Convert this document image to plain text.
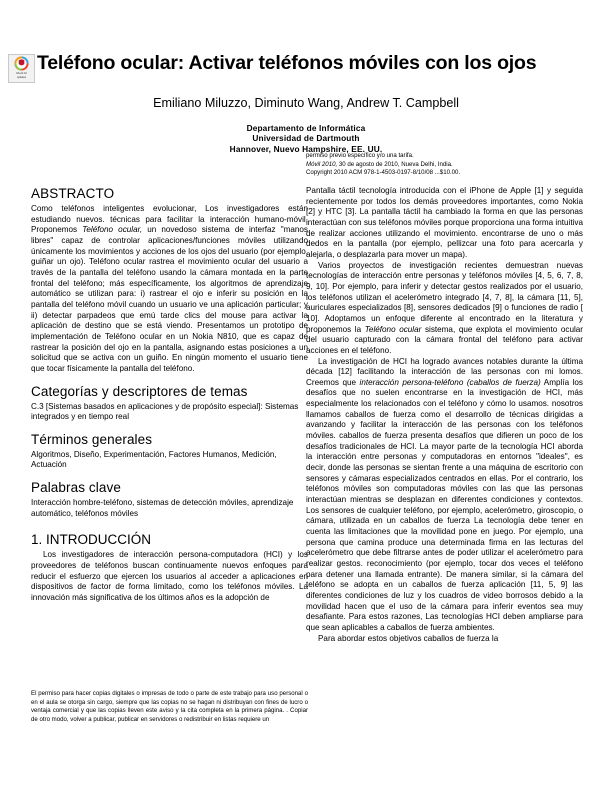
Check for
updates
Teléfono ocular: Activar teléfonos móviles con los ojos
Emiliano Miluzzo, Diminuto Wang, Andrew T. Campbell
Departamento de Informática
Universidad de Dartmouth
Hannover, Nuevo Hampshire, EE. UU.
permiso previo específico y/o una tarifa.
Móvil 2010, 30 de agosto de 2010, Nueva Delhi, India.
Copyright 2010 ACM 978-1-4503-0197-8/10/08 ...$10.00.
ABSTRACTO

Como teléfonos inteligentes evolucionar, Los investigadores están estudiando nuevos. técnicas para facilitar la interacción humano-móvil. Proponemos Teléfono ocular, un novedoso sistema de interfaz "manos libres" capaz de controlar aplicaciones/funciones móviles utilizando únicamente los movimientos y acciones de los ojos del usuario (por ejemplo, guiñar un ojo). Teléfono ocular rastrea el movimiento ocular del usuario a través de la pantalla del teléfono usando la cámara montada en la parte frontal del teléfono; más específicamente, los algoritmos de aprendizaje automático se utilizan para: i) rastrear el ojo e inferir su posición en la pantalla del teléfono móvil cuando un usuario ve una aplicación particular; y ii) detectar parpadeos que emú tarde clics del mouse para activar la aplicación de destino que se está viendo. Presentamos un prototipo de implementación de Teléfono ocular en un Nokia N810, que es capaz de rastrear la posición del ojo en la pantalla, asignando estas posiciones a un solicitud que se activa con un guiño. En ningún momento el usuario tiene que tocar físicamente la pantalla del teléfono.

Categorías y descriptores de temas

C.3 [Sistemas basados en aplicaciones y de propósito especial]: Sistemas integrados y en tiempo real

Términos generales

Algoritmos, Diseño, Experimentación, Factores Humanos, Medición, Actuación

Palabras clave

Interacción hombre-teléfono, sistemas de detección móviles, aprendizaje automático, teléfonos móviles

1. INTRODUCCIÓN

Los investigadores de interacción persona-computadora (HCI) y los proveedores de teléfonos buscan continuamente nuevos enfoques para reducir el esfuerzo que ejercen los usuarios al acceder a aplicaciones en dispositivos de factor de forma limitado, como los teléfonos móviles. La innovación más significativa de los últimos años es la adopción de

Pantalla táctil tecnología introducida con el iPhone de Apple [1] y seguida recientemente por todos los demás proveedores importantes, como Nokia [2] y HTC [3]. La pantalla táctil ha cambiado la forma en que las personas interactúan con sus teléfonos móviles porque proporciona una forma intuitiva de realizar acciones utilizando el movimiento. encontrarse de uno o más dedos en la pantalla (por ejemplo, pellizcar una foto para acercarla y alejarla, o desplazarla para mover un mapa).

Varios proyectos de investigación recientes demuestran nuevas tecnologías de interacción entre personas y teléfonos móviles [4, 5, 6, 7, 8, 9, 10]. Por ejemplo, para inferir y detectar gestos realizados por el usuario, los teléfonos utilizan el acelerómetro integrado [4, 7, 8], la cámara [11, 5], auriculares especializados [8], sensores dedicados [9] o funciones de radio [ 10]. Adoptamos un enfoque diferente al encontrado en la literatura y proponemos la Teléfono ocular sistema, que explota el movimiento ocular del usuario capturado con la cámara frontal del teléfono para activar acciones en el teléfono.

La investigación de HCI ha logrado avances notables durante la última década [12] facilitando la interacción de las personas con mi lomos. Creemos que interacción persona-teléfono (caballos de fuerza) Amplía los desafíos que no suelen encontrarse en la investigación de HCI, más especialmente los relacionados con el teléfono y cómo lo usamos. nosotros llamamos caballos de fuerza como el desarrollo de técnicas dirigidas a avanzando y facilitar la interacción de las personas con los teléfonos móviles. caballos de fuerza presenta desafíos que difieren un poco de los desafíos tradicionales de HCI. La mayor parte de la tecnología HCI aborda la interacción entre personas y computadoras en entornos "ideales", es decir, donde las personas se sientan frente a una máquina de escritorio con sensores y cámaras especializados centrados en ellas. Por el contrario, los teléfonos móviles son computadoras móviles con las que las personas interactúan mientras se desplazan en diferentes condiciones y contextos. Los sensores de cualquier teléfono, por ejemplo, acelerómetro, giroscopio, o cámara, utilizada en un caballos de fuerza La tecnología debe tener en cuenta las limitaciones que la movilidad pone en juego. Por ejemplo, una persona que camina produce una determinada firma en las lecturas del acelerómetro que debe filtrarse antes de poder utilizar el acelerómetro para realizar gestos. reconocimiento (por ejemplo, tocar dos veces el teléfono para detener una llamada entrante). De manera similar, si la cámara del teléfono se adopta en un caballos de fuerza aplicación [11, 5, 9] las diferentes condiciones de luz y los cuadros de video borrosos debido a la movilidad hacen que el uso de la cámara para inferir eventos sea muy desafiante. Para estos razones, Las tecnologías HCI deben ampliarse para que sean aplicables a caballos de fuerza ambientes.

Para abordar estos objetivos caballos de fuerza la

El permiso para hacer copias digitales o impresas de todo o parte de este trabajo para uso personal o en el aula se otorga sin cargo, siempre que las copias no se hagan ni distribuyan con fines de lucro o ventaja comercial y que las copias lleven este aviso y la cita completa en la primera página. . Copiar de otro modo, volver a publicar, publicar en servidores o redistribuir en listas requiere un
